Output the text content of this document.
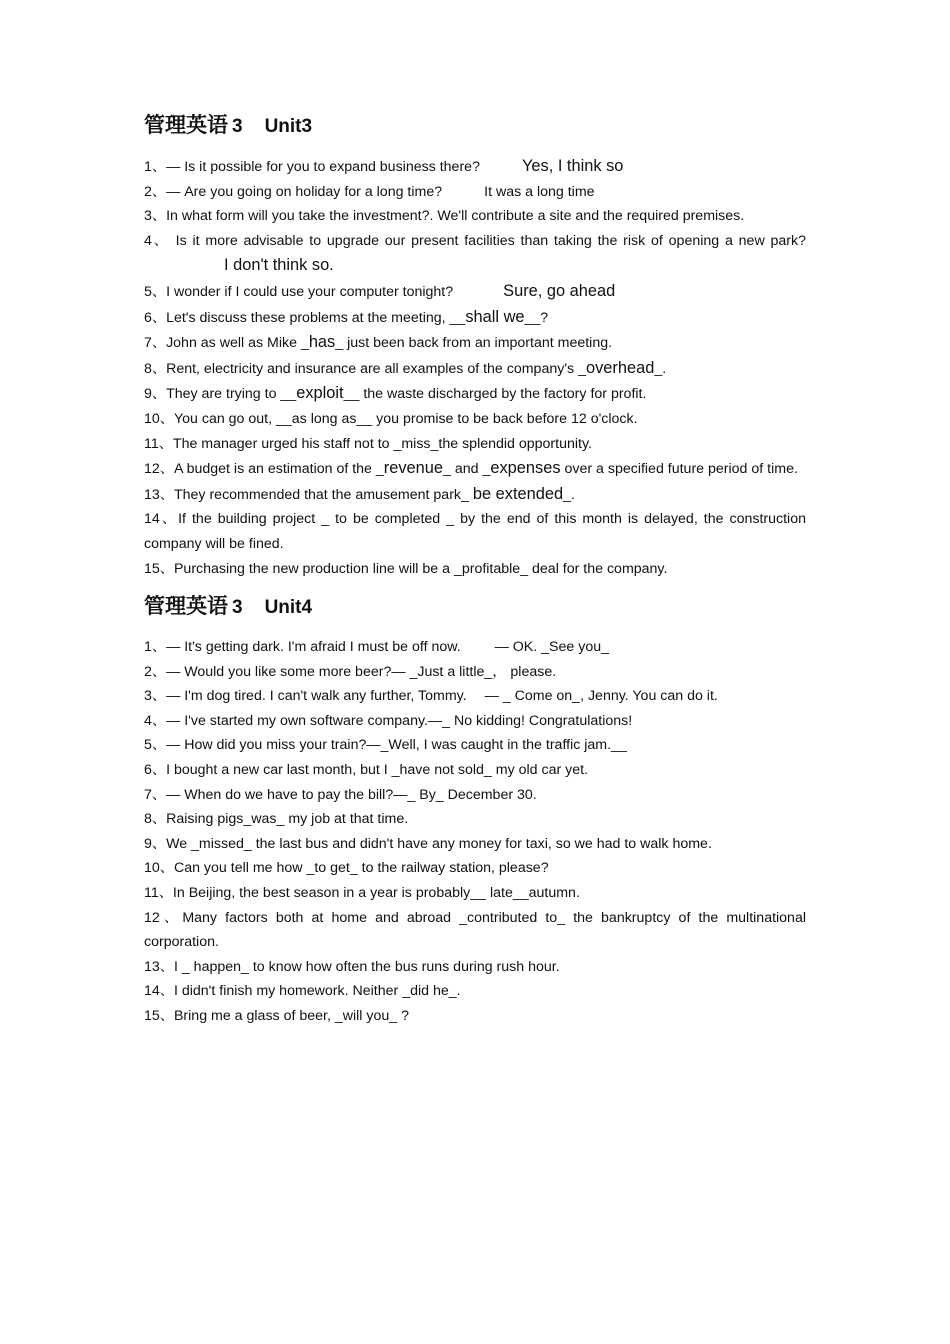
管理英语 3 Unit3

1、— Is it possible for you to expand business there?	Yes, I think so

2、— Are you going on holiday for a long time?	It was a long time

3、In what form will you take the investment?. We'll contribute a site and the required premises.

4、 Is it more advisable to upgrade our present facilities than taking the risk of opening a new park?I don't think so.

5、I wonder if I could use your computer tonight?	Sure, go ahead

6、Let's discuss these problems at the meeting, __shall we__?

7、John as well as Mike _has_ just been back from an important meeting.

8、Rent, electricity and insurance are all examples of the company's _overhead_.

9、They are trying to __exploit__ the waste discharged by the factory for profit.

10、You can go out, __as long as__ you promise to be back before 12 o'clock.

11、The manager urged his staff not to _miss_the splendid opportunity.

12、A budget is an estimation of the _revenue_ and _expenses over a specified future period of time.

13、They recommended that the amusement park_ be extended_.

14、If the building project _ to be completed _ by the end of this month is delayed, the construction company will be fined.

15、Purchasing the new production line will be a _profitable_ deal for the company.

管理英语 3 Unit4

1、— It's getting dark. I'm afraid I must be off now. — OK. _See you_

2、— Would you like some more beer?— _Just a little_， please.

3、— I'm dog tired. I can't walk any further, Tommy. — _ Come on_, Jenny. You can do it.

4、— I've started my own software company.—_ No kidding! Congratulations!

5、— How did you miss your train?—_Well, I was caught in the traffic jam.__

6、I bought a new car last month, but I _have not sold_ my old car yet.

7、— When do we have to pay the bill?—_ By_ December 30.

8、Raising pigs_was_ my job at that time.

9、We _missed_ the last bus and didn't have any money for taxi, so we had to walk home.

10、Can you tell me how _to get_ to the railway station, please?

11、In Beijing, the best season in a year is probably__ late__autumn.

12、Many factors both at home and abroad _contributed to_ the bankruptcy of the multinational corporation.

13、I _ happen_ to know how often the bus runs during rush hour.

14、I didn't finish my homework. Neither _did he_.

15、Bring me a glass of beer, _will you_ ?
